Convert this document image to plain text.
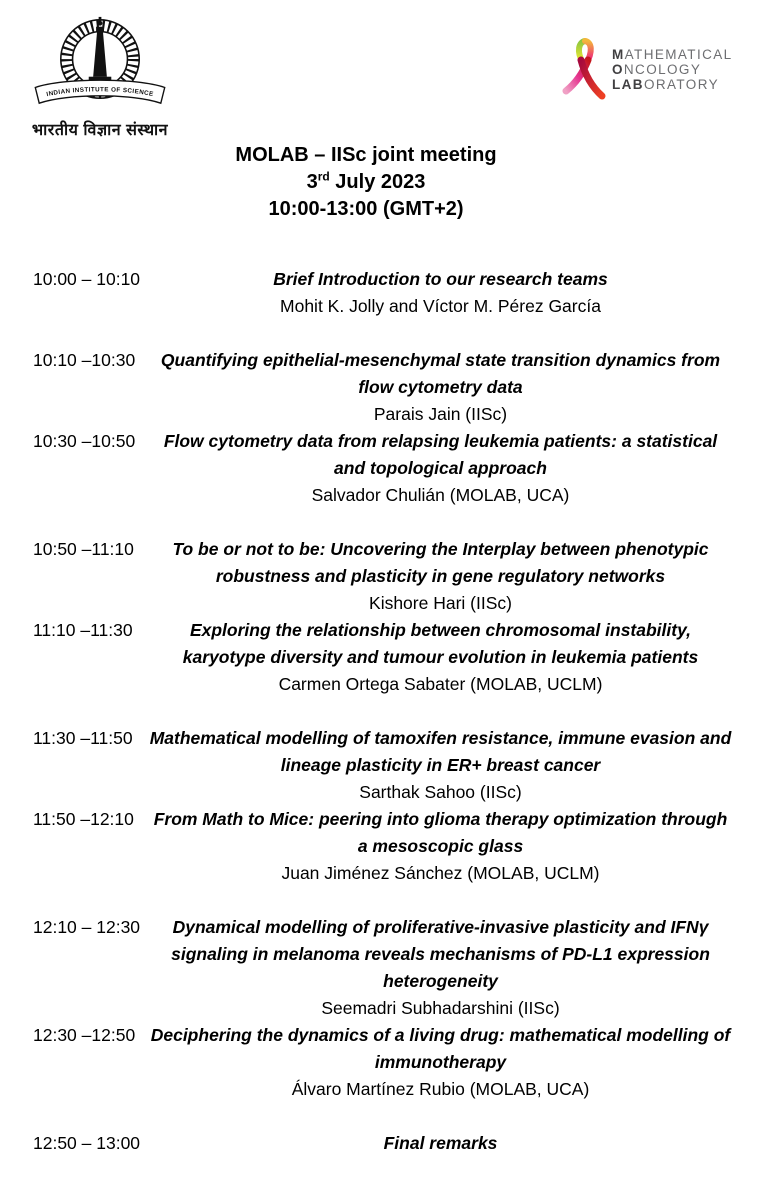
INDIAN INSTITUTE OF SCIENCE
भारतीय विज्ञान संस्थान
MATHEMATICAL
ONCOLOGY
LABORATORY
MOLAB – IISc joint meeting
3rd July 2023
10:00-13:00 (GMT+2)
10:00 – 10:10	Brief Introduction to our research teams
Mohit K. Jolly and Víctor M. Pérez García
10:10 –10:30	Quantifying epithelial-mesenchymal state transition dynamics from
flow cytometry data
Parais Jain (IISc)
10:30 –10:50	Flow cytometry data from relapsing leukemia patients: a statistical
and topological approach
Salvador Chulián (MOLAB, UCA)
10:50 –11:10	To be or not to be: Uncovering the Interplay between phenotypic
robustness and plasticity in gene regulatory networks
Kishore Hari (IISc)
11:10 –11:30	Exploring the relationship between chromosomal instability,
karyotype diversity and tumour evolution in leukemia patients
Carmen Ortega Sabater (MOLAB, UCLM)
11:30 –11:50 Mathematical modelling of tamoxifen resistance, immune evasion and
lineage plasticity in ER+ breast cancer
Sarthak Sahoo (IISc)
11:50 –12:10	From Math to Mice: peering into glioma therapy optimization through
a mesoscopic glass
Juan Jiménez Sánchez (MOLAB, UCLM)
12:10 – 12:30	Dynamical modelling of proliferative-invasive plasticity and IFNγ
signaling in melanoma reveals mechanisms of PD-L1 expression
heterogeneity
Seemadri Subhadarshini (IISc)
12:30 –12:50 Deciphering the dynamics of a living drug: mathematical modelling of
immunotherapy
Álvaro Martínez Rubio (MOLAB, UCA)
12:50 – 13:00	Final remarks
